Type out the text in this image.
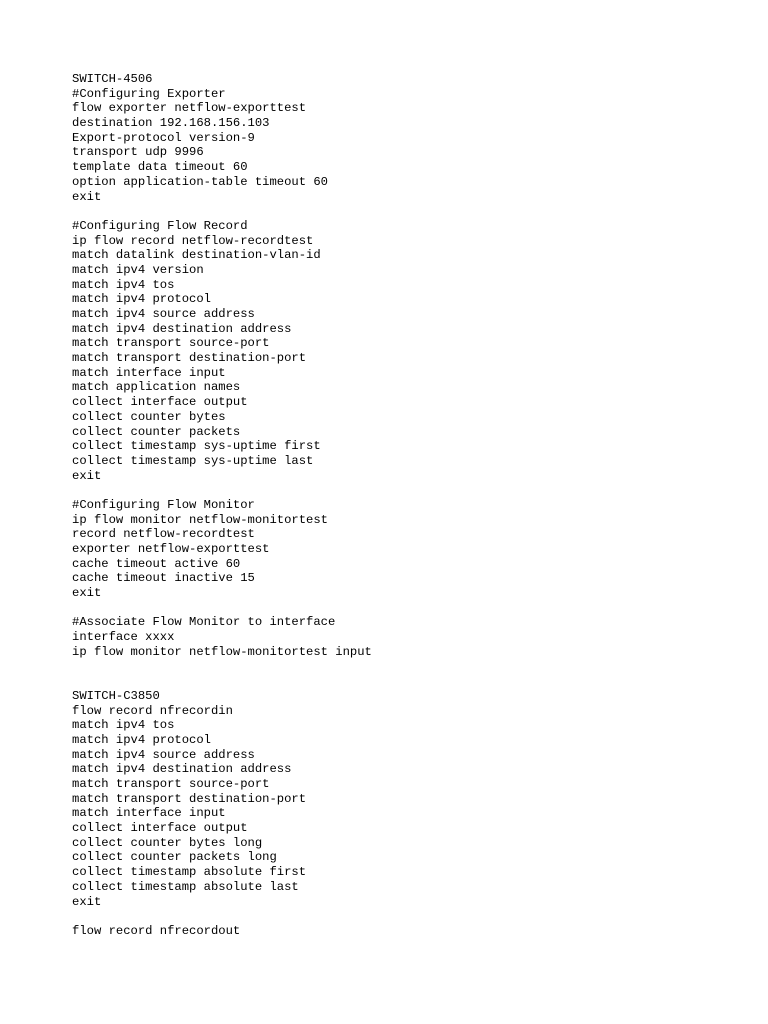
SWITCH-4506
#Configuring Exporter
flow exporter netflow-exporttest
destination 192.168.156.103
Export-protocol version-9
transport udp 9996
template data timeout 60
option application-table timeout 60
exit
#Configuring Flow Record
ip flow record netflow-recordtest
match datalink destination-vlan-id
match ipv4 version
match ipv4 tos
match ipv4 protocol
match ipv4 source address
match ipv4 destination address
match transport source-port
match transport destination-port
match interface input
match application names
collect interface output
collect counter bytes
collect counter packets
collect timestamp sys-uptime first
collect timestamp sys-uptime last
exit
#Configuring Flow Monitor
ip flow monitor netflow-monitortest
record netflow-recordtest
exporter netflow-exporttest
cache timeout active 60
cache timeout inactive 15
exit
#Associate Flow Monitor to interface
interface xxxx
ip flow monitor netflow-monitortest input
SWITCH-C3850
flow record nfrecordin
match ipv4 tos
match ipv4 protocol
match ipv4 source address
match ipv4 destination address
match transport source-port
match transport destination-port
match interface input
collect interface output
collect counter bytes long
collect counter packets long
collect timestamp absolute first
collect timestamp absolute last
exit
flow record nfrecordout
